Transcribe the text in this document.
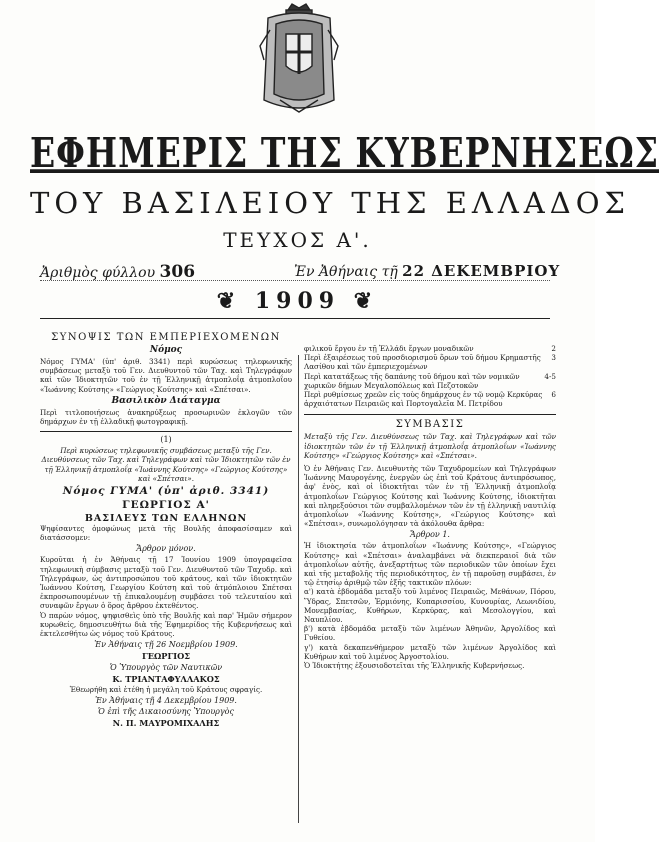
ΕΦΗΜΕΡΙΣ ΤΗΣ ΚΥΒΕΡΝΗΣΕΩΣ
ΤΟΥ ΒΑΣΙΛΕΙΟΥ ΤΗΣ ΕΛΛΑΔΟΣ
ΤΕΥΧΟΣ Α'.
Ἀριθμὸς φύλλου 306	Ἐν Ἀθήναις τῇ 22 ΔΕΚΕΜΒΡΙΟΥ
❦ 1909 ❦
ΣΥΝΟΨΙΣ ΤΩΝ ΕΜΠΕΡΙΕΧΟΜΕΝΩΝ
Νόμος

Νόμος ΓΥΜΑ' (ὑπ' ἀριθ. 3341) περὶ κυρώσεως τηλεφωνικῆς συμβάσεως μεταξὺ τοῦ Γεν. Διευθυντοῦ τῶν Ταχ. καὶ Τηλεγράφων καὶ τῶν Ἰδιοκτητῶν τοῦ ἐν τῇ Ἑλληνικῇ ἀτμοπλοΐᾳ ἀτμοπλοΐου «Ἰωάννης Κούτσης» «Γεώργιος Κούτσης» καὶ «Σπέτσαι».

Βασιλικὸν Διάταγμα

Περὶ τιτλοποιήσεως ἀνακηρύξεως προσωρινῶν ἐκλογῶν τῶν δημάρχων ἐν τῇ ἐλλαδικῇ φωτογραφικῇ.

(1)

Περὶ κυρώσεως τηλεφωνικῆς συμβάσεως μεταξὺ τῆς Γεν. Διευθύνσεως τῶν Ταχ. καὶ Τηλεγράφων καὶ τῶν Ἰδιοκτητῶν τῶν ἐν τῇ Ἑλληνικῇ ἀτμοπλοΐᾳ «Ἰωάννης Κούτσης» «Γεώργιος Κούτσης» καὶ «Σπέτσαι».

Νόμος ΓΥΜΑ' (ὑπ' ἀριθ. 3341)
ΓΕΩΡΓΙΟΣ Α'
ΒΑΣΙΛΕΥΣ ΤΩΝ ΕΛΛΗΝΩΝ

Ψηφίσαντες ὁμοφώνως μετὰ τῆς Βουλῆς ἀποφασίσαμεν καὶ διατάσσομεν:

Ἄρθρον μόνον.

Κυροῦται ἡ ἐν Ἀθήναις τῇ 17 Ἰουνίου 1909 ὑπογραφεῖσα τηλεφωνικὴ σύμβασις μεταξὺ τοῦ Γεν. Διευθυντοῦ τῶν Ταχυδρ. καὶ Τηλεγράφων, ὡς ἀντιπροσώπου τοῦ κράτους, καὶ τῶν ἰδιοκτητῶν Ἰωάννου Κούτση, Γεωργίου Κούτση καὶ τοῦ ἀτμόπλοιου Σπέτσαι ἐκπροσωπουμένων τῇ ἐπικαλουμένῃ συμβάσει τοῦ τελευταίου καὶ συναφῶν ἔργων ὁ ὅρος ἄρθρου ἐκτεθέντος.

Ὁ παρὼν νόμος, ψηφισθεὶς ὑπὸ τῆς Βουλῆς καὶ παρ' Ἡμῶν σήμερον κυρωθείς, δημοσιευθήτω διὰ τῆς Ἐφημερίδος τῆς Κυβερνήσεως καὶ ἐκτελεσθήτω ὡς νόμος τοῦ Κράτους.

Ἐν Ἀθήναις τῇ 26 Νοεμβρίου 1909.
ΓΕΩΡΓΙΟΣ
Ὁ Ὑπουργὸς τῶν Ναυτικῶν
Κ. ΤΡΙΑΝΤΑΦΥΛΛΑΚΟΣ

Ἐθεωρήθη καὶ ἐτέθη ἡ μεγάλη τοῦ Κράτους σφραγίς.

Ἐν Ἀθήναις τῇ 4 Δεκεμβρίου 1909.
Ὁ ἐπὶ τῆς Δικαιοσύνης Ὑπουργὸς
Ν. Π. ΜΑΥΡΟΜΙΧΑΛΗΣ
φιλικοῦ ἔργου ἐν τῇ Ἑλλάδι ἔργων μοναδικῶν	2
Περὶ ἐξαιρέσεως τοῦ προσδιορισμοῦ ὅρων τοῦ δήμου Κρημαστῆς Λασίθου καὶ τῶν ἐμπεριεχομένων
3
Περὶ κατατάξεως τῆς δαπάνης τοῦ δήμου καὶ τῶν νομικῶν χωρικῶν δήμων Μεγαλοπόλεως καὶ Πεζοτοκῶν
4-5
Περὶ ρυθμίσεως χρεῶν εἰς τοὺς δημάρχους ἐν τῷ νομῷ Κερκύρας ἀρχαιότατων Πειραιῶς καὶ Πορτογαλεῖα Μ. Πετρίδου
6
ΣΥΜΒΑΣΙΣ

Μεταξὺ τῆς Γεν. Διευθύνσεως τῶν Ταχ. καὶ Τηλεγράφων καὶ τῶν ἰδιοκτητῶν τῶν ἐν τῇ Ἑλληνικῇ ἀτμοπλοΐᾳ ἀτμοπλοΐων «Ἰωάννης Κούτσης» «Γεώργιος Κούτσης» καὶ «Σπέτσαι».

Ὁ ἐν Ἀθήναις Γεν. Διευθυντὴς τῶν Ταχυδρομείων καὶ Τηλεγράφων Ἰωάννης Μαυρογένης, ἐνεργῶν ὡς ἐπὶ τοῦ Κράτους ἀντιπρόσωπος, ἀφ' ἑνὸς, καὶ οἱ ἰδιοκτῆται τῶν ἐν τῇ Ἑλληνικῇ ἀτμοπλοΐᾳ ἀτμοπλοΐων Γεώργιος Κούτσης καὶ Ἰωάννης Κούτσης, ἰδιοκτῆται καὶ πληρεξούσιοι τῶν συμβαλλομένων τῶν ἐν τῇ ἑλληνικῇ ναυτιλίᾳ ἀτμοπλοΐων «Ἰωάννης Κούτσης», «Γεώργιος Κούτσης» καὶ «Σπέτσαι», συνωμολόγησαν τὰ ἀκόλουθα ἄρθρα:

Ἄρθρον 1.

Ἡ ἰδιοκτησία τῶν ἀτμοπλοΐων «Ἰωάννης Κούτσης», «Γεώργιος Κούτσης» καὶ «Σπέτσαι» ἀναλαμβάνει νὰ διεκπεραιοῖ διὰ τῶν ἀτμοπλοΐων αὐτῆς, ἀνεξαρτήτως τῶν περιοδικῶν τῶν ὁποίων ἔχει καὶ τῆς μεταβολῆς τῆς περιοδικότητος, ἐν τῇ παροῦσῃ συμβάσει, ἐν τῷ ἐτησίῳ ἀριθμῷ τῶν ἑξῆς τακτικῶν πλόων:

α') κατὰ ἑβδομάδα μεταξὺ τοῦ λιμένος Πειραιῶς, Μεθάνων, Πόρου, Ὕδρας, Σπετσῶν, Ἑρμιόνης, Κυπαρισσίου, Κυνουρίας, Λεωνιδίου, Μονεμβασίας, Κυθήρων, Κερκύρας, καὶ Μεσολογγίου, καὶ Ναυπλίου.

β') κατὰ ἑβδομάδα μεταξὺ τῶν λιμένων Ἀθηνῶν, Ἀργολίδος καὶ Γυθείου.

γ') κατὰ δεκαπενθήμερον μεταξὺ τῶν λιμένων Ἀργολίδος καὶ Κυθήρων καὶ τοῦ λιμένος Ἀργοστολίου.

Ὁ Ἰδιοκτήτης ἐξουσιοδοτεῖται τῆς Ἑλληνικῆς Κυβερνήσεως.
